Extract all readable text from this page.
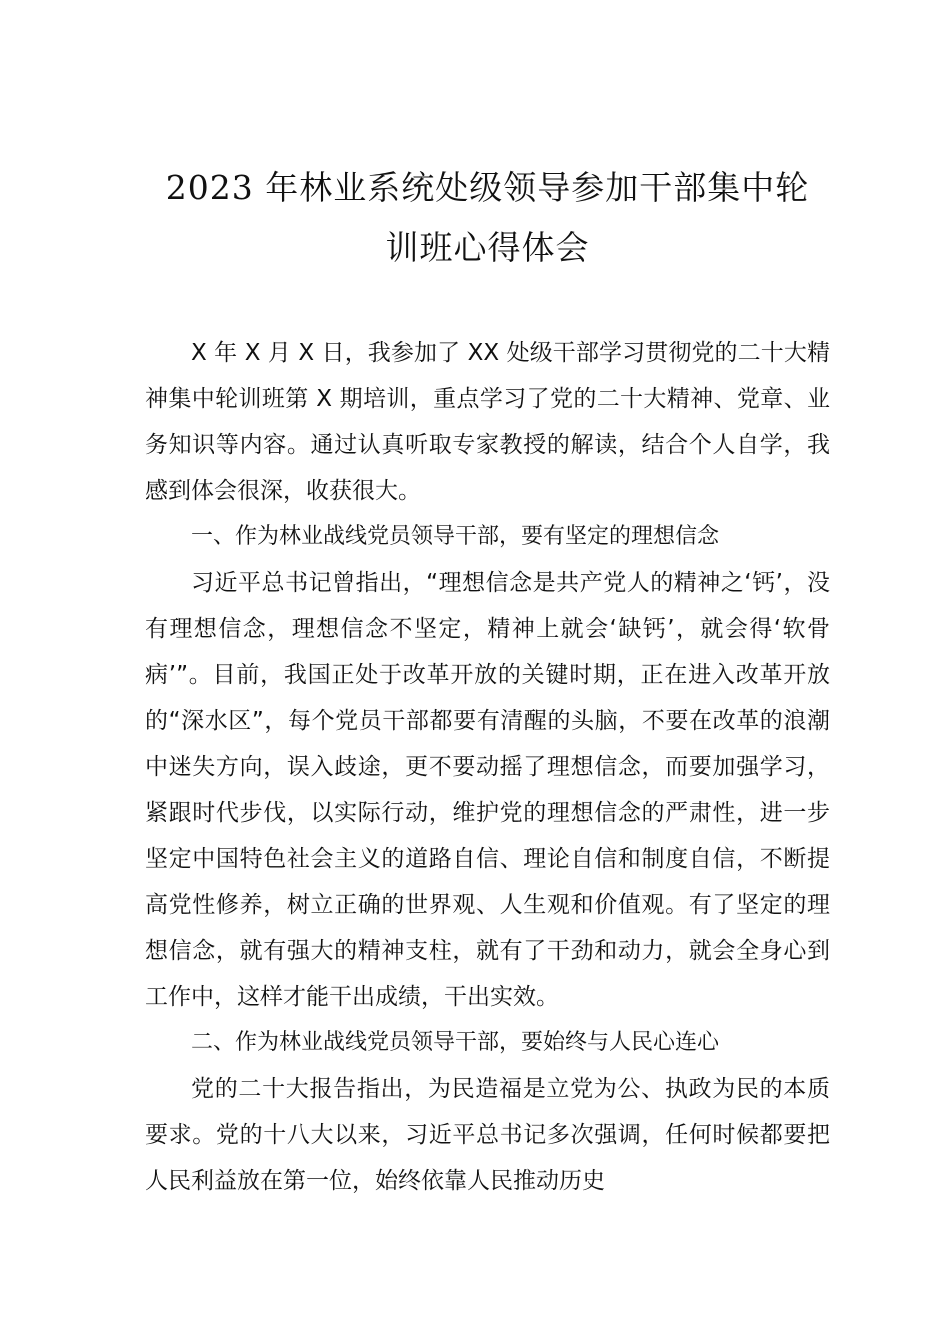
2023 年林业系统处级领导参加干部集中轮
训班心得体会

X 年 X 月 X 日，我参加了 XX 处级干部学习贯彻党的二十大精神集中轮训班第 X 期培训，重点学习了党的二十大精神、党章、业务知识等内容。通过认真听取专家教授的解读，结合个人自学，我感到体会很深，收获很大。

一、作为林业战线党员领导干部，要有坚定的理想信念

习近平总书记曾指出，“理想信念是共产党人的精神之‘钙’，没有理想信念，理想信念不坚定，精神上就会‘缺钙’，就会得‘软骨病’”。目前，我国正处于改革开放的关键时期，正在进入改革开放的“深水区”，每个党员干部都要有清醒的头脑，不要在改革的浪潮中迷失方向，误入歧途，更不要动摇了理想信念，而要加强学习，紧跟时代步伐，以实际行动，维护党的理想信念的严肃性，进一步坚定中国特色社会主义的道路自信、理论自信和制度自信，不断提高党性修养，树立正确的世界观、人生观和价值观。有了坚定的理想信念，就有强大的精神支柱，就有了干劲和动力，就会全身心到工作中，这样才能干出成绩，干出实效。

二、作为林业战线党员领导干部，要始终与人民心连心

党的二十大报告指出，为民造福是立党为公、执政为民的本质要求。党的十八大以来，习近平总书记多次强调，任何时候都要把人民利益放在第一位，始终依靠人民推动历史
